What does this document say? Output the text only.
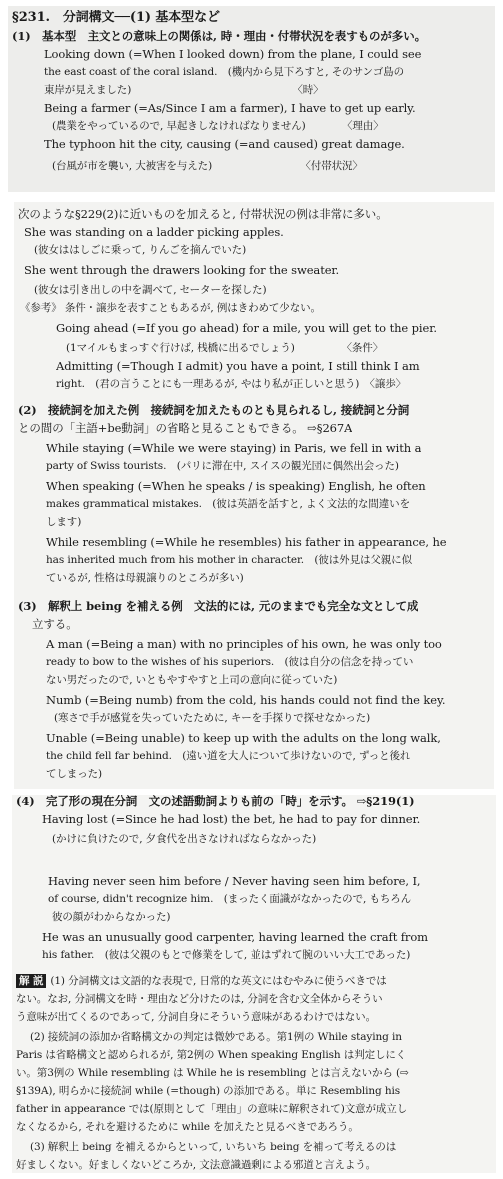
§231.　分詞構文──(1) 基本型など
(1)　基本型　主文との意味上の関係は, 時・理由・付帯状況を表すものが多い。
Looking down (=When I looked down) from the plane, I could see
the east coast of the coral island.　(機内から見下ろすと, そのサンゴ島の
東岸が見えました)　　　　　　　　　　　　　　　　〈時〉
Being a farmer (=As/Since I am a farmer), I have to get up early.
(農業をやっているので, 早起きしなければなりません)　　　　〈理由〉
The typhoon hit the city, causing (=and caused) great damage.
(台風が市を襲い, 大被害を与えた)　　　　　　　　　〈付帯状況〉
次のような§229(2)に近いものを加えると, 付帯状況の例は非常に多い。
She was standing on a ladder picking apples.
(彼女ははしごに乗って, りんごを摘んでいた)
She went through the drawers looking for the sweater.
(彼女は引き出しの中を調べて, セーターを探した)
《参考》 条件・譲歩を表すこともあるが, 例はきわめて少ない。
Going ahead (=If you go ahead) for a mile, you will get to the pier.
(1マイルもまっすぐ行けば, 桟橋に出るでしょう)　　　　　〈条件〉
Admitting (=Though I admit) you have a point, I still think I am
right.　(君の言うことにも一理あるが, やはり私が正しいと思う)　〈譲歩〉
(2)　接続詞を加えた例　接続詞を加えたものとも見られるし, 接続詞と分詞
との間の「主語+be動詞」の省略と見ることもできる。 ⇨§267A
While staying (=While we were staying) in Paris, we fell in with a
party of Swiss tourists.　(パリに滞在中, スイスの観光団に偶然出会った)
When speaking (=When he speaks / is speaking) English, he often
makes grammatical mistakes.　(彼は英語を話すと, よく文法的な間違いを
します)
While resembling (=While he resembles) his father in appearance, he
has inherited much from his mother in character.　(彼は外見は父親に似
ているが, 性格は母親譲りのところが多い)
(3)　解釈上 being を補える例　文法的には, 元のままでも完全な文として成
立する。
A man (=Being a man) with no principles of his own, he was only too
ready to bow to the wishes of his superiors.　(彼は自分の信念を持ってい
ない男だったので, いともやすやすと上司の意向に従っていた)
Numb (=Being numb) from the cold, his hands could not find the key.
(寒さで手が感覚を失っていたために, キーを手探りで探せなかった)
Unable (=Being unable) to keep up with the adults on the long walk,
the child fell far behind.　(遠い道を大人について歩けないので, ずっと後れ
てしまった)
(4)　完了形の現在分詞　文の述語動詞よりも前の「時」を示す。 ⇨§219(1)
Having lost (=Since he had lost) the bet, he had to pay for dinner.
(かけに負けたので, 夕食代を出さなければならなかった)
Having never seen him before / Never having seen him before, I,
of course, didn't recognize him.　(まったく面識がなかったので, もちろん
彼の顔がわからなかった)
He was an unusually good carpenter, having learned the craft from
his father.　(彼は父親のもとで修業をして, 並はずれて腕のいい大工であった)
解 説 (1) 分詞構文は文語的な表現で, 日常的な英文にはむやみに使うべきでは
ない。なお, 分詞構文を時・理由など分けたのは, 分詞を含む文全体からそうい
う意味が出てくるのであって, 分詞自身にそういう意味があるわけではない。
(2) 接続詞の添加か省略構文かの判定は微妙である。第1例の While staying in
Paris は省略構文と認められるが, 第2例の When speaking English は判定しにく
い。第3例の While resembling は While he is resembling とは言えないから (⇨
§139A), 明らかに接続詞 while (=though) の添加である。単に Resembling his
father in appearance では(原則として「理由」の意味に解釈されて)文意が成立し
なくなるから, それを避けるために while を加えたと見るべきであろう。
(3) 解釈上 being を補えるからといって, いちいち being を補って考えるのは
好ましくない。好ましくないどころか, 文法意識過剰による邪道と言えよう。
